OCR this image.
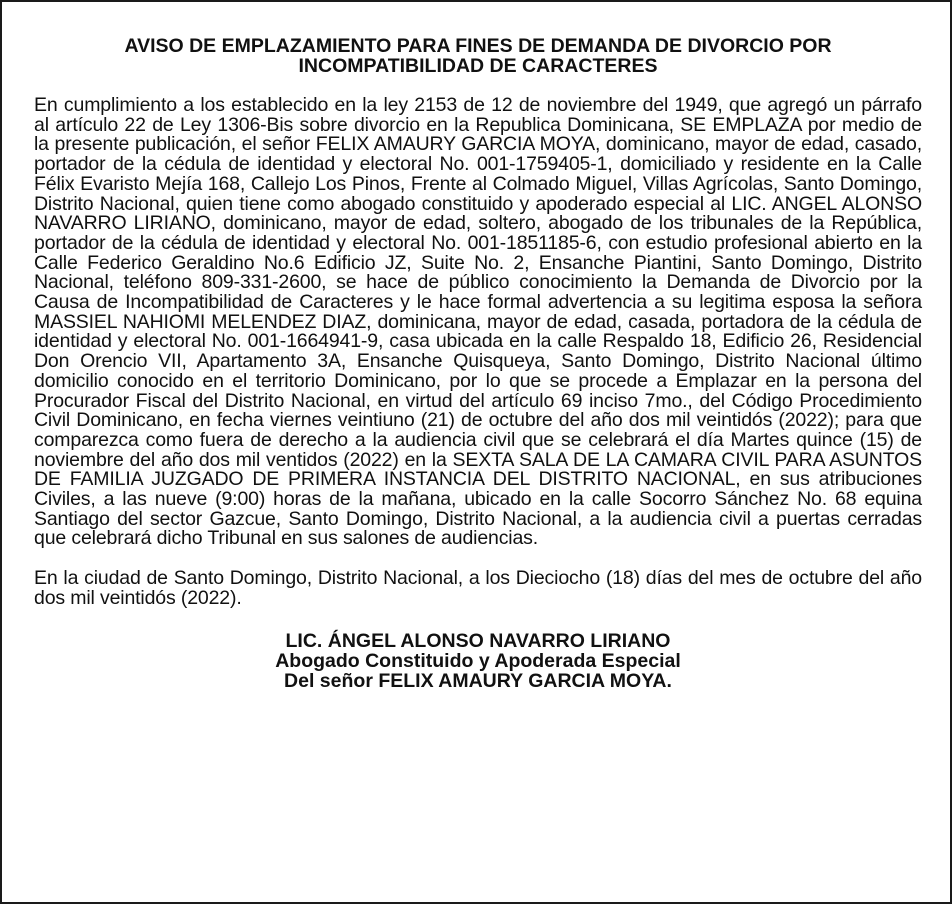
AVISO DE EMPLAZAMIENTO PARA FINES DE DEMANDA DE DIVORCIO POR
INCOMPATIBILIDAD DE CARACTERES

En cumplimiento a los establecido en la ley 2153 de 12 de noviembre del 1949, que agregó un párrafo al artículo 22 de Ley 1306-Bis sobre divorcio en la Republica Dominicana, SE EMPLAZA por medio de la presente publicación, el señor FELIX AMAURY GARCIA MOYA, dominicano, mayor de edad, casado, portador de la cédula de identidad y electoral No. 001-1759405-1, domiciliado y residente en la Calle Félix Evaristo Mejía 168, Callejo Los Pinos, Frente al Colmado Miguel, Villas Agrícolas, Santo Domingo, Distrito Nacional, quien tiene como abogado constituido y apoderado especial al LIC. ANGEL ALONSO NAVARRO LIRIANO, dominicano, mayor de edad, soltero, abogado de los tribunales de la República, portador de la cédula de identidad y electoral No. 001-1851185-6, con estudio profesional abierto en la Calle Federico Geraldino No.6 Edificio JZ, Suite No. 2, Ensanche Piantini, Santo Domingo, Distrito Nacional, teléfono 809-331-2600, se hace de público conocimiento la Demanda de Divorcio por la Causa de Incompatibilidad de Caracteres y le hace formal advertencia a su legitima esposa la señora MASSIEL NAHIOMI MELENDEZ DIAZ, dominicana, mayor de edad, casada, portadora de la cédula de identidad y electoral No. 001-1664941-9, casa ubicada en la calle Respaldo 18, Edificio 26, Residencial Don Orencio VII, Apartamento 3A, Ensanche Quisqueya, Santo Domingo, Distrito Nacional último domicilio conocido en el territorio Dominicano, por lo que se procede a Emplazar en la persona del Procurador Fiscal del Distrito Nacional, en virtud del artículo 69 inciso 7mo., del Código Procedimiento Civil Dominicano, en fecha viernes veintiuno (21) de octubre del año dos mil veintidós (2022); para que comparezca como fuera de derecho a la audiencia civil que se celebrará el día Martes quince (15) de noviembre del año dos mil ventidos (2022) en la SEXTA SALA DE LA CAMARA CIVIL PARA ASUNTOS DE FAMILIA JUZGADO DE PRIMERA INSTANCIA DEL DISTRITO NACIONAL, en sus atribuciones Civiles, a las nueve (9:00) horas de la mañana, ubicado en la calle Socorro Sánchez No. 68 equina Santiago del sector Gazcue, Santo Domingo, Distrito Nacional, a la audiencia civil a puertas cerradas que celebrará dicho Tribunal en sus salones de audiencias.

En la ciudad de Santo Domingo, Distrito Nacional, a los Dieciocho (18) días del mes de octubre del año dos mil veintidós (2022).

LIC. ÁNGEL ALONSO NAVARRO LIRIANO
Abogado Constituido y Apoderada Especial
Del señor FELIX AMAURY GARCIA MOYA.
